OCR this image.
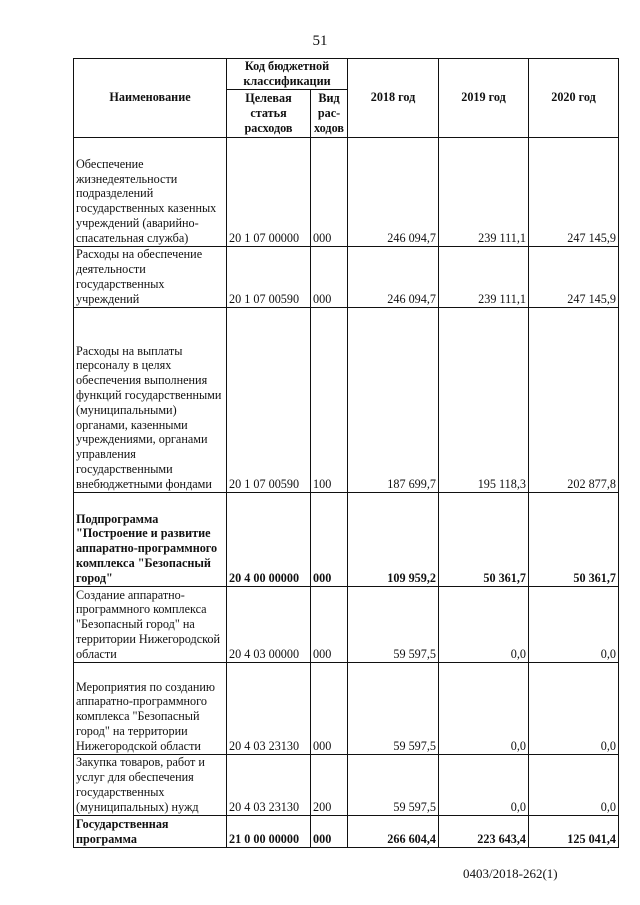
51
Наименование	Код бюджетной классификации		2018 год	2019 год	2020 год
	Целевая статья расходов	Вид рас-ходов			
Обеспечение жизнедеятельности подразделений государственных казенных учреждений (аварийно-спасательная служба)	20 1 07 00000	000	246 094,7	239 111,1	247 145,9
Расходы на обеспечение деятельности государственных учреждений	20 1 07 00590	000	246 094,7	239 111,1	247 145,9
Расходы на выплаты персоналу в целях обеспечения выполнения функций государственными (муниципальными) органами, казенными учреждениями, органами управления государственными внебюджетными фондами	20 1 07 00590	100	187 699,7	195 118,3	202 877,8
Подпрограмма "Построение и развитие аппаратно-программного комплекса "Безопасный город"	20 4 00 00000	000	109 959,2	50 361,7	50 361,7
Создание аппаратно-программного комплекса "Безопасный город" на территории Нижегородской области	20 4 03 00000	000	59 597,5	0,0	0,0
Мероприятия по созданию аппаратно-программного комплекса "Безопасный город" на территории Нижегородской области	20 4 03 23130	000	59 597,5	0,0	0,0
Закупка товаров, работ и услуг для обеспечения государственных (муниципальных) нужд	20 4 03 23130	200	59 597,5	0,0	0,0
Государственная программа	21 0 00 00000	000	266 604,4	223 643,4	125 041,4
0403/2018-262(1)
